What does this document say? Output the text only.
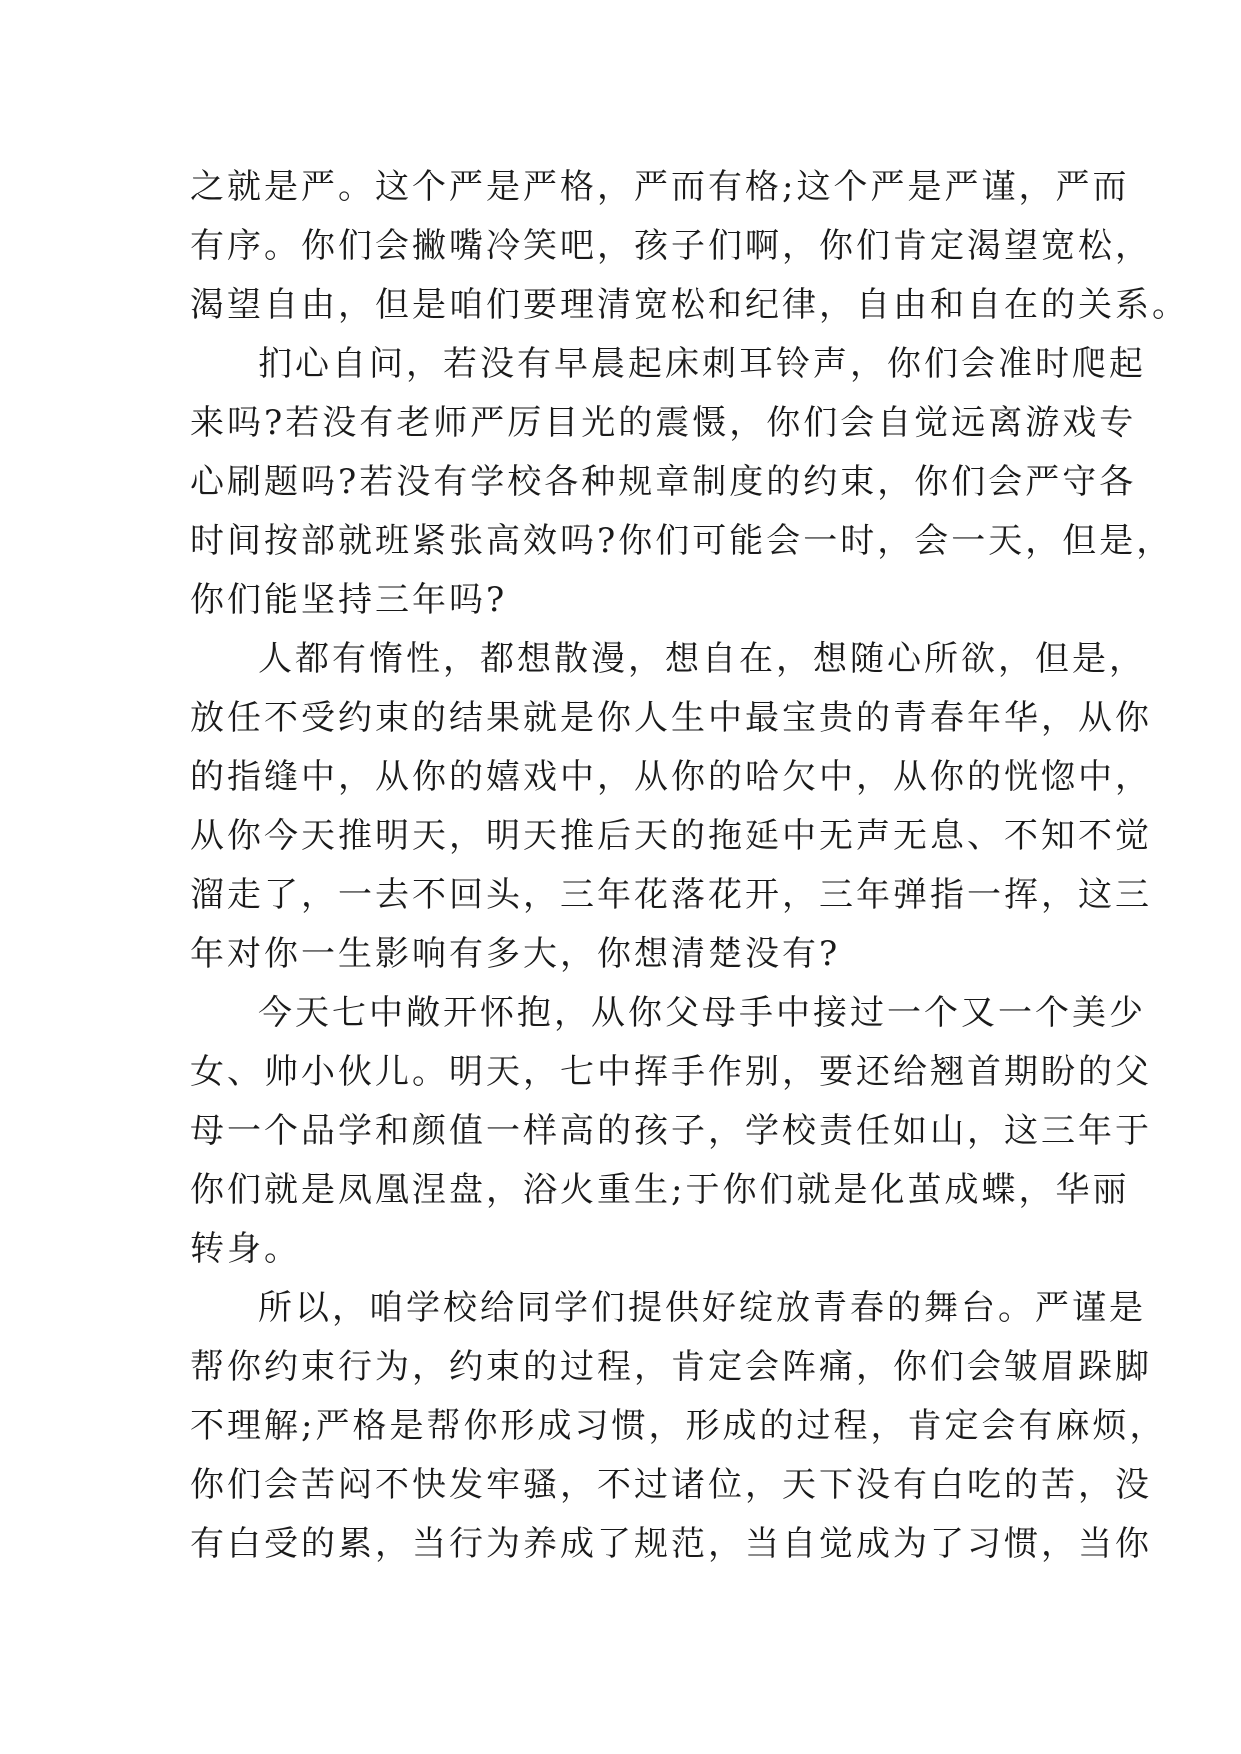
之就是严。这个严是严格，严而有格;这个严是严谨，严而
有序。你们会撇嘴冷笑吧，孩子们啊，你们肯定渴望宽松，
渴望自由，但是咱们要理清宽松和纪律，自由和自在的关系。
扪心自问，若没有早晨起床刺耳铃声，你们会准时爬起
来吗?若没有老师严厉目光的震慑，你们会自觉远离游戏专
心刷题吗?若没有学校各种规章制度的约束，你们会严守各
时间按部就班紧张高效吗?你们可能会一时，会一天，但是，
你们能坚持三年吗?
人都有惰性，都想散漫，想自在，想随心所欲，但是，
放任不受约束的结果就是你人生中最宝贵的青春年华，从你
的指缝中，从你的嬉戏中，从你的哈欠中，从你的恍惚中，
从你今天推明天，明天推后天的拖延中无声无息、不知不觉
溜走了，一去不回头，三年花落花开，三年弹指一挥，这三
年对你一生影响有多大，你想清楚没有?
今天七中敞开怀抱，从你父母手中接过一个又一个美少
女、帅小伙儿。明天，七中挥手作别，要还给翘首期盼的父
母一个品学和颜值一样高的孩子，学校责任如山，这三年于
你们就是凤凰涅盘，浴火重生;于你们就是化茧成蝶，华丽
转身。
所以，咱学校给同学们提供好绽放青春的舞台。严谨是
帮你约束行为，约束的过程，肯定会阵痛，你们会皱眉跺脚
不理解;严格是帮你形成习惯，形成的过程，肯定会有麻烦，
你们会苦闷不快发牢骚，不过诸位，天下没有白吃的苦，没
有白受的累，当行为养成了规范，当自觉成为了习惯，当你
